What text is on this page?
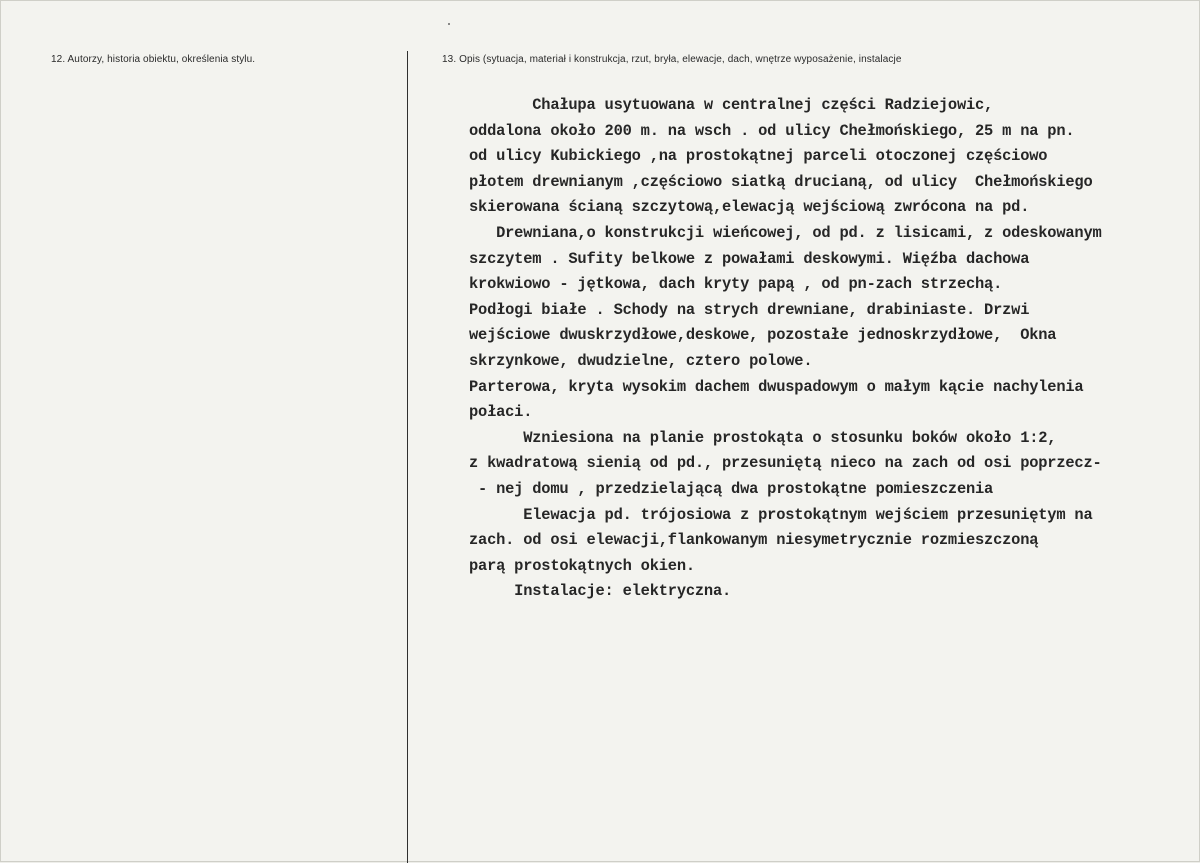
12. Autorzy, historia obiektu, określenia stylu.	13. Opis (sytuacja, materiał i konstrukcja, rzut, bryła, elewacje, dach, wnętrze wyposażenie, instalacje
Chałupa usytuowana w centralnej części Radziejowic,
oddalona około 200 m. na wsch . od ulicy Chełmońskiego, 25 m na pn.
od ulicy Kubickiego ,na prostokątnej parceli otoczonej częściowo
płotem drewnianym ,częściowo siatką drucianą, od ulicy  Chełmońskiego
skierowana ścianą szczytową,elewacją wejściową zwrócona na pd.
Drewniana,o konstrukcji wieńcowej, od pd. z lisicami, z odeskowanym
szczytem . Sufity belkowe z powałami deskowymi. Więźba dachowa
krokwiowo - jętkowa, dach kryty papą , od pn-zach strzechą.
Podłogi białe . Schody na strych drewniane, drabiniaste. Drzwi
wejściowe dwuskrzydłowe,deskowe, pozostałe jednoskrzydłowe,  Okna
skrzynkowe, dwudzielne, cztero polowe.
Parterowa, kryta wysokim dachem dwuspadowym o małym kącie nachylenia
połaci.
Wzniesiona na planie prostokąta o stosunku boków około 1:2,
z kwadratową sienią od pd., przesuniętą nieco na zach od osi poprzecz-
- nej domu , przedzielającą dwa prostokątne pomieszczenia
Elewacja pd. trójosiowa z prostokątnym wejściem przesuniętym na
zach. od osi elewacji,flankowanym niesymetrycznie rozmieszczoną
parą prostokątnych okien.
Instalacje: elektryczna.
